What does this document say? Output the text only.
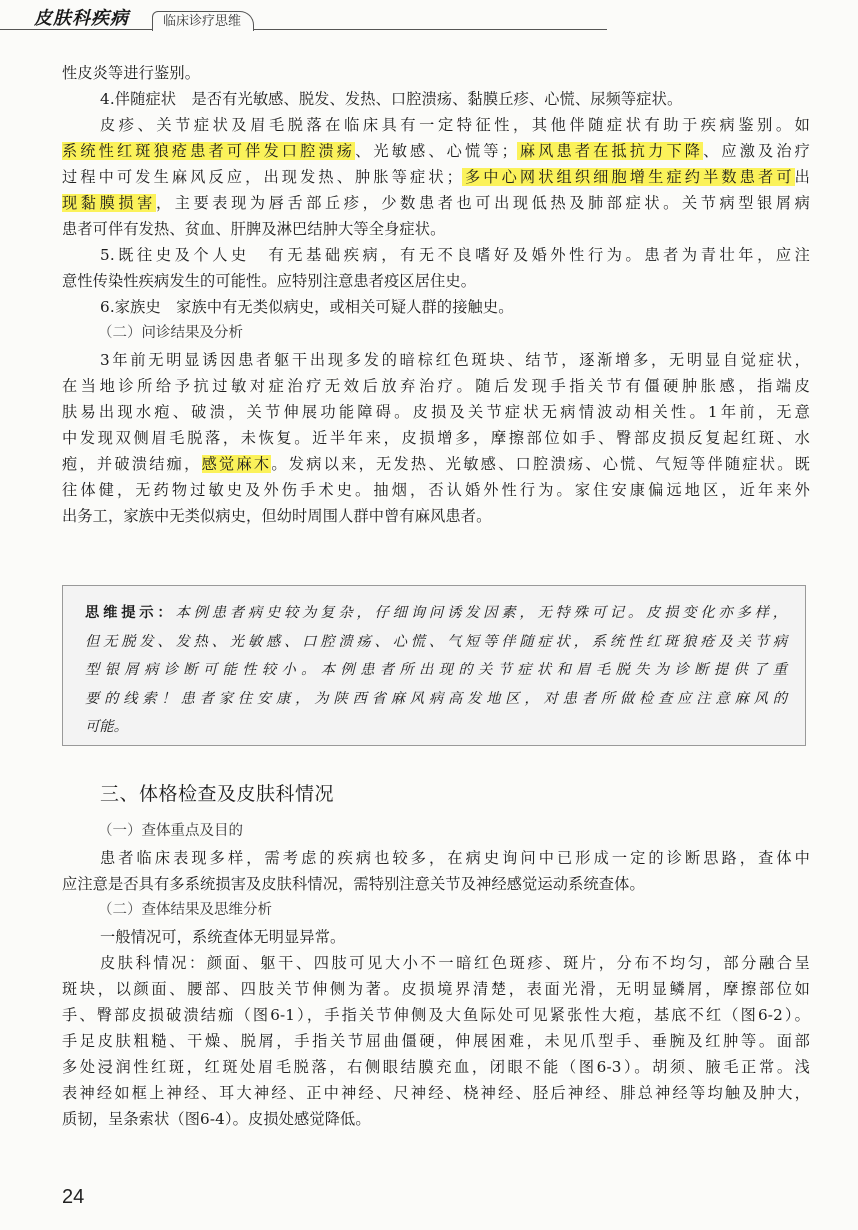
皮肤科疾病	临床诊疗思维
性皮炎等进行鉴别。
4.伴随症状　是否有光敏感、脱发、发热、口腔溃疡、黏膜丘疹、心慌、尿频等症状。
皮疹、关节症状及眉毛脱落在临床具有一定特征性，其他伴随症状有助于疾病鉴别。如
系统性红斑狼疮患者可伴发口腔溃疡、光敏感、心慌等；麻风患者在抵抗力下降、应激及治疗
过程中可发生麻风反应，出现发热、肿胀等症状；多中心网状组织细胞增生症约半数患者可出
现黏膜损害，主要表现为唇舌部丘疹，少数患者也可出现低热及肺部症状。关节病型银屑病
患者可伴有发热、贫血、肝脾及淋巴结肿大等全身症状。
5.既往史及个人史　有无基础疾病，有无不良嗜好及婚外性行为。患者为青壮年，应注
意性传染性疾病发生的可能性。应特别注意患者疫区居住史。
6.家族史　家族中有无类似病史，或相关可疑人群的接触史。
（二）问诊结果及分析
3年前无明显诱因患者躯干出现多发的暗棕红色斑块、结节，逐渐增多，无明显自觉症状，
在当地诊所给予抗过敏对症治疗无效后放弃治疗。随后发现手指关节有僵硬肿胀感，指端皮
肤易出现水疱、破溃，关节伸展功能障碍。皮损及关节症状无病情波动相关性。1年前，无意
中发现双侧眉毛脱落，未恢复。近半年来，皮损增多，摩擦部位如手、臀部皮损反复起红斑、水
疱，并破溃结痂，感觉麻木。发病以来，无发热、光敏感、口腔溃疡、心慌、气短等伴随症状。既
往体健，无药物过敏史及外伤手术史。抽烟，否认婚外性行为。家住安康偏远地区，近年来外
出务工，家族中无类似病史，但幼时周围人群中曾有麻风患者。
思维提示：本例患者病史较为复杂，仔细询问诱发因素，无特殊可记。皮损变化亦多样，
但无脱发、发热、光敏感、口腔溃疡、心慌、气短等伴随症状，系统性红斑狼疮及关节病
型银屑病诊断可能性较小。本例患者所出现的关节症状和眉毛脱失为诊断提供了重
要的线索！患者家住安康，为陕西省麻风病高发地区，对患者所做检查应注意麻风的
可能。
三、体格检查及皮肤科情况
（一）查体重点及目的
患者临床表现多样，需考虑的疾病也较多，在病史询问中已形成一定的诊断思路，查体中
应注意是否具有多系统损害及皮肤科情况，需特别注意关节及神经感觉运动系统查体。
（二）查体结果及思维分析
一般情况可，系统查体无明显异常。
皮肤科情况：颜面、躯干、四肢可见大小不一暗红色斑疹、斑片，分布不均匀，部分融合呈
斑块，以颜面、腰部、四肢关节伸侧为著。皮损境界清楚，表面光滑，无明显鳞屑，摩擦部位如
手、臀部皮损破溃结痂（图6-1），手指关节伸侧及大鱼际处可见紧张性大疱，基底不红（图6-2）。
手足皮肤粗糙、干燥、脱屑，手指关节屈曲僵硬，伸展困难，未见爪型手、垂腕及红肿等。面部
多处浸润性红斑，红斑处眉毛脱落，右侧眼结膜充血，闭眼不能（图6-3）。胡须、腋毛正常。浅
表神经如框上神经、耳大神经、正中神经、尺神经、桡神经、胫后神经、腓总神经等均触及肿大，
质韧，呈条索状（图6-4）。皮损处感觉降低。
24
